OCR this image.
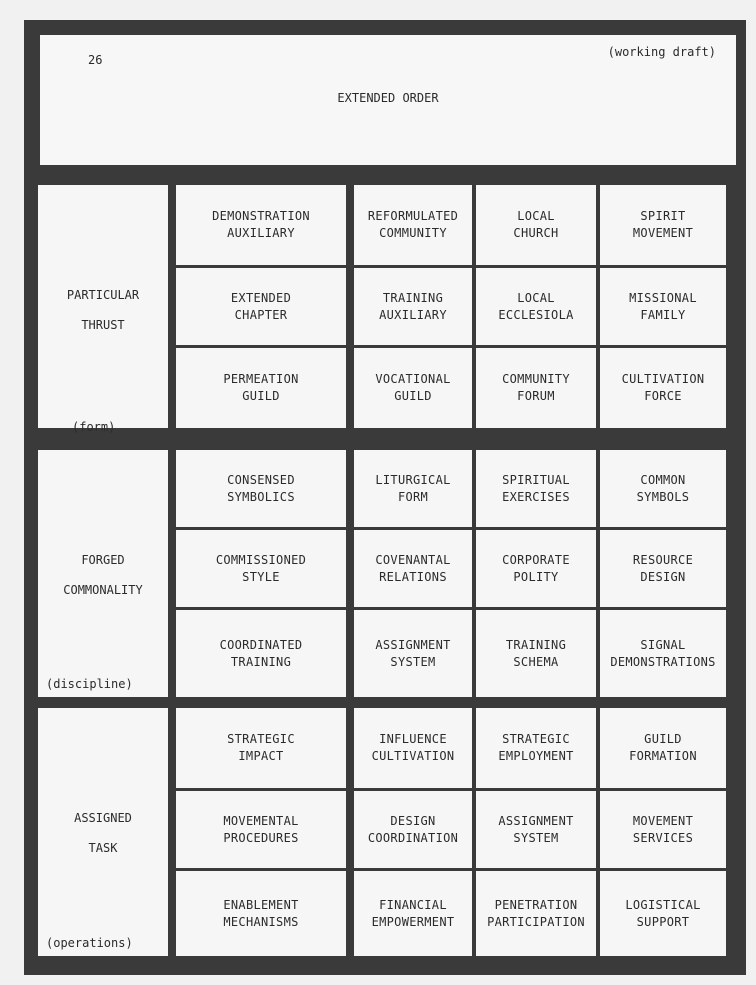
26
(working draft)
EXTENDED ORDER
PARTICULAR
THRUST
(form)
DEMONSTRATION
AUXILIARY
REFORMULATED
COMMUNITY
LOCAL
CHURCH
SPIRIT
MOVEMENT
EXTENDED
CHAPTER
TRAINING
AUXILIARY
LOCAL
ECCLESIOLA
MISSIONAL
FAMILY
PERMEATION
GUILD
VOCATIONAL
GUILD
COMMUNITY
FORUM
CULTIVATION
FORCE
FORGED
COMMONALITY
(discipline)
CONSENSED
SYMBOLICS
LITURGICAL
FORM
SPIRITUAL
EXERCISES
COMMON
SYMBOLS
COMMISSIONED
STYLE
COVENANTAL
RELATIONS
CORPORATE
POLITY
RESOURCE
DESIGN
COORDINATED
TRAINING
ASSIGNMENT
SYSTEM
TRAINING
SCHEMA
SIGNAL
DEMONSTRATIONS
ASSIGNED
TASK
(operations)
STRATEGIC
IMPACT
INFLUENCE
CULTIVATION
STRATEGIC
EMPLOYMENT
GUILD
FORMATION
MOVEMENTAL
PROCEDURES
DESIGN
COORDINATION
ASSIGNMENT
SYSTEM
MOVEMENT
SERVICES
ENABLEMENT
MECHANISMS
FINANCIAL
EMPOWERMENT
PENETRATION
PARTICIPATION
LOGISTICAL
SUPPORT
